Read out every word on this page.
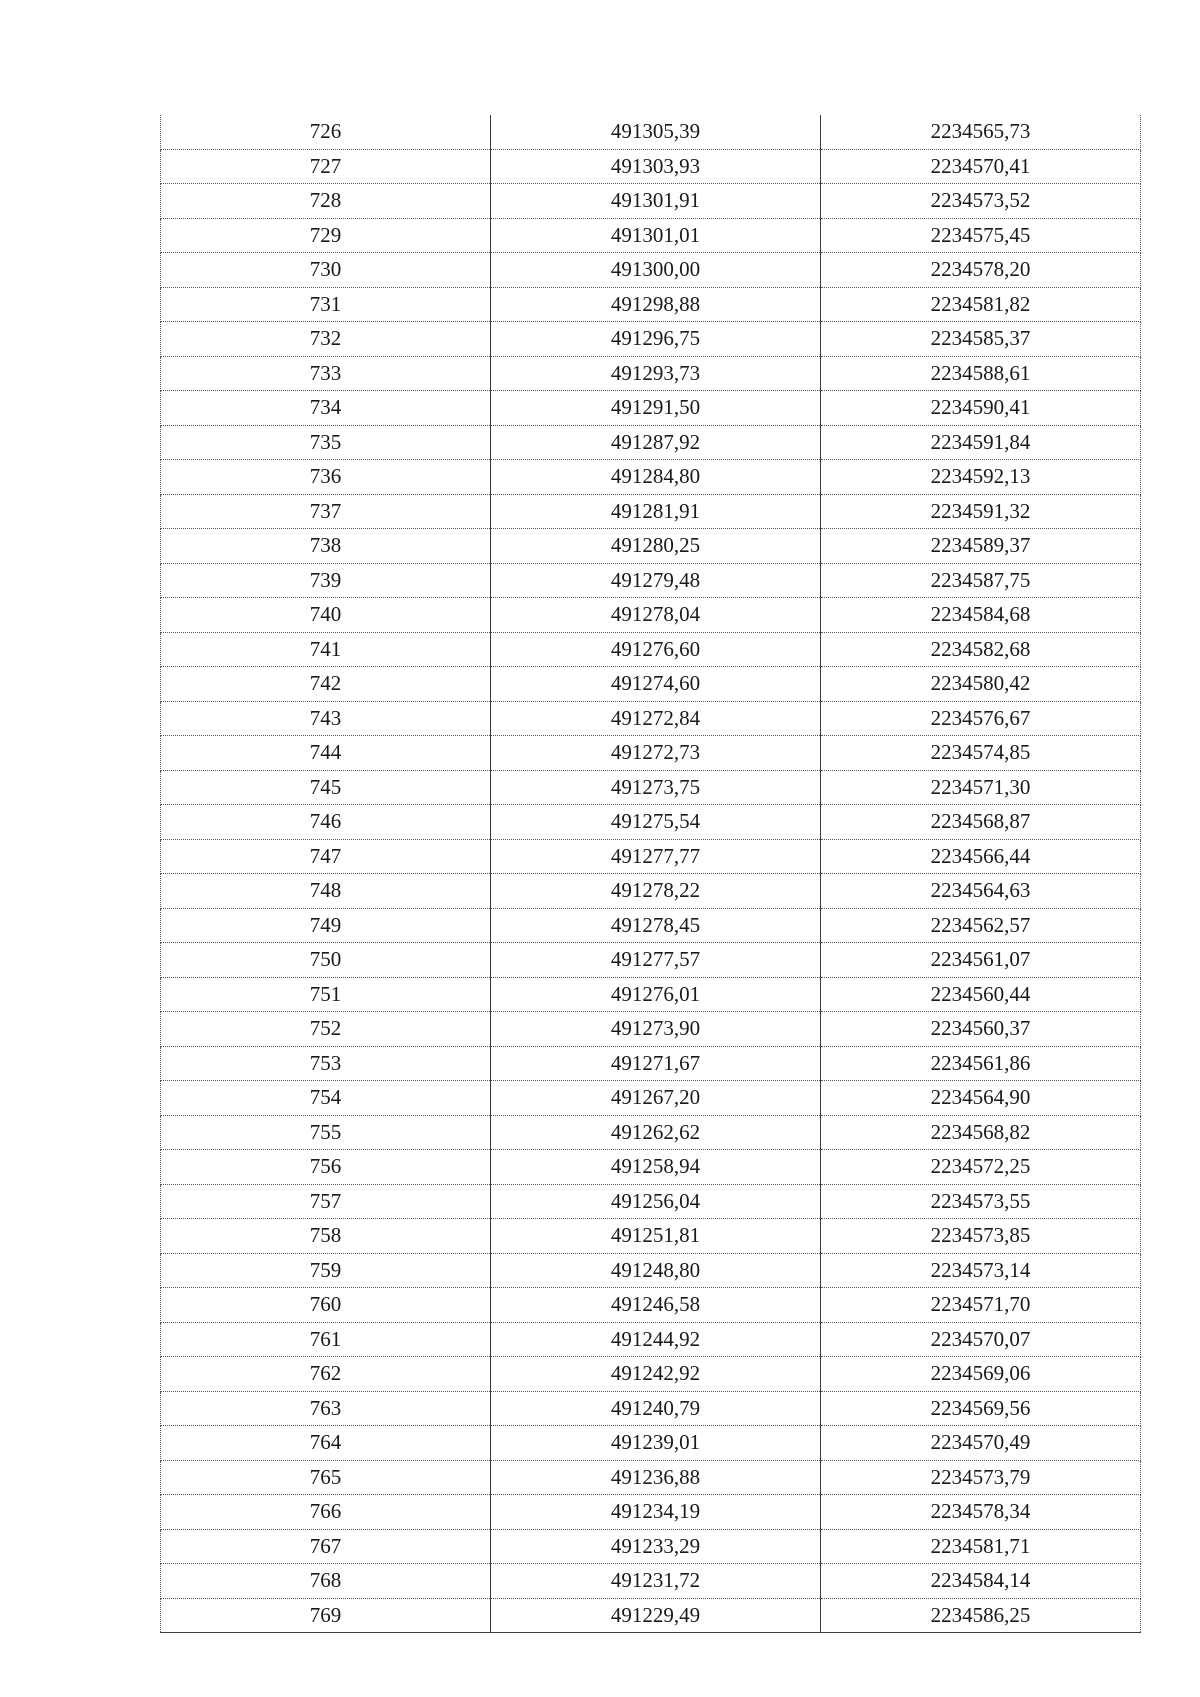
726	491305,39	2234565,73
727	491303,93	2234570,41
728	491301,91	2234573,52
729	491301,01	2234575,45
730	491300,00	2234578,20
731	491298,88	2234581,82
732	491296,75	2234585,37
733	491293,73	2234588,61
734	491291,50	2234590,41
735	491287,92	2234591,84
736	491284,80	2234592,13
737	491281,91	2234591,32
738	491280,25	2234589,37
739	491279,48	2234587,75
740	491278,04	2234584,68
741	491276,60	2234582,68
742	491274,60	2234580,42
743	491272,84	2234576,67
744	491272,73	2234574,85
745	491273,75	2234571,30
746	491275,54	2234568,87
747	491277,77	2234566,44
748	491278,22	2234564,63
749	491278,45	2234562,57
750	491277,57	2234561,07
751	491276,01	2234560,44
752	491273,90	2234560,37
753	491271,67	2234561,86
754	491267,20	2234564,90
755	491262,62	2234568,82
756	491258,94	2234572,25
757	491256,04	2234573,55
758	491251,81	2234573,85
759	491248,80	2234573,14
760	491246,58	2234571,70
761	491244,92	2234570,07
762	491242,92	2234569,06
763	491240,79	2234569,56
764	491239,01	2234570,49
765	491236,88	2234573,79
766	491234,19	2234578,34
767	491233,29	2234581,71
768	491231,72	2234584,14
769	491229,49	2234586,25
